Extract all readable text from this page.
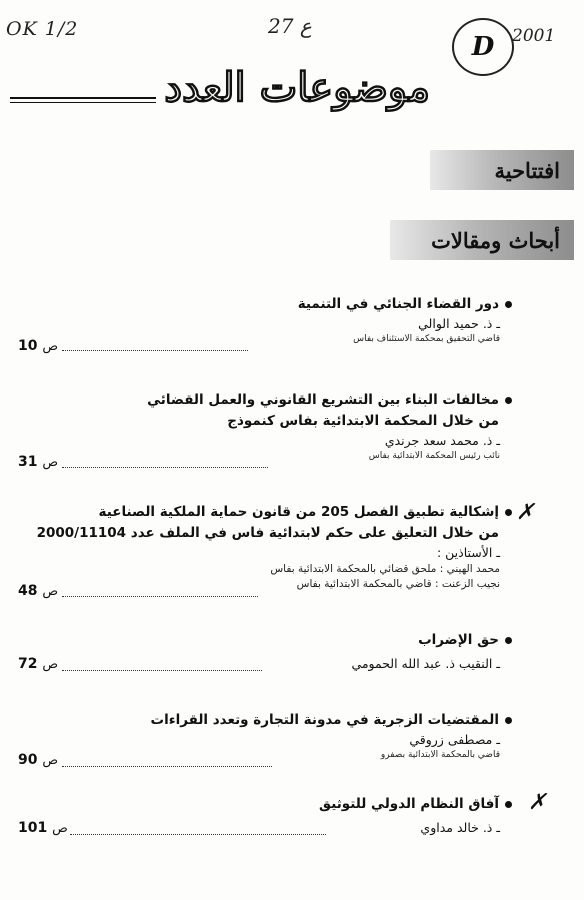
OK 1/2	27 ع
D	2001
موضوعات العدد
افتتاحية
أبحاث ومقالات
دور القضاء الجنائي في التنمية
ـ ذ. حميد الوالي
قاضي التحقيق بمحكمة الاستئناف بفاس
ص 10
مخالفات البناء بين التشريع القانوني والعمل القضائي
من خلال المحكمة الابتدائية بفاس كنموذج
ـ ذ. محمد سعد جرندي
نائب رئيس المحكمة الابتدائية بفاس
ص 31
✗
إشكالية تطبيق الفصل 205 من قانون حماية الملكية الصناعية
من خلال التعليق على حكم لابتدائية فاس في الملف عدد 2000/11104
ـ الأستاذين :
محمد الهيني : ملحق قضائي بالمحكمة الابتدائية بفاس
نجيب الزعنت : قاضي بالمحكمة الابتدائية بفاس
ص 48
حق الإضراب
ـ النقيب ذ. عبد الله الحمومي
ص 72
المقتضيات الزجرية في مدونة التجارة وتعدد القراءات
ـ مصطفى زروقي
قاضي بالمحكمة الابتدائية بصفرو
ص 90
✗
آفاق النظام الدولي للتوثيق
ـ ذ. خالد مداوي
ص 101
